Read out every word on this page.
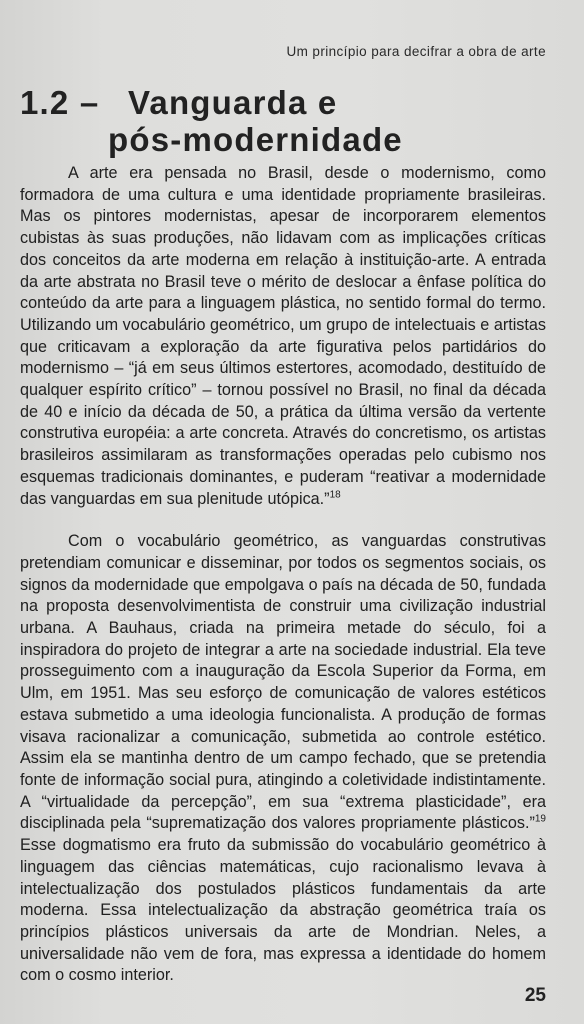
Um princípio para decifrar a obra de arte
1.2 – Vanguarda e
pós-modernidade

A arte era pensada no Brasil, desde o modernismo, como formadora de uma cultura e uma identidade propriamente brasileiras. Mas os pintores modernistas, apesar de incorporarem elementos cubistas às suas produções, não lidavam com as implicações críticas dos conceitos da arte moderna em relação à instituição-arte. A entrada da arte abstrata no Brasil teve o mérito de deslocar a ênfase política do conteúdo da arte para a linguagem plástica, no sentido formal do termo. Utilizando um vocabulário geométrico, um grupo de intelectuais e artistas que criticavam a exploração da arte figurativa pelos partidários do modernismo – “já em seus últimos estertores, acomodado, destituído de qualquer espírito crítico” – tornou possível no Brasil, no final da década de 40 e início da década de 50, a prática da última versão da vertente construtiva européia: a arte concreta. Através do concretismo, os artistas brasileiros assimilaram as transformações operadas pelo cubismo nos esquemas tradicionais dominantes, e puderam “reativar a modernidade das vanguardas em sua plenitude utópica.”$^{18}$

Com o vocabulário geométrico, as vanguardas construtivas pretendiam comunicar e disseminar, por todos os segmentos sociais, os signos da modernidade que empolgava o país na década de 50, fundada na proposta desenvolvimentista de construir uma civilização industrial urbana. A Bauhaus, criada na primeira metade do século, foi a inspiradora do projeto de integrar a arte na sociedade industrial. Ela teve prosseguimento com a inauguração da Escola Superior da Forma, em Ulm, em 1951. Mas seu esforço de comunicação de valores estéticos estava submetido a uma ideologia funcionalista. A produção de formas visava racionalizar a comunicação, submetida ao controle estético. Assim ela se mantinha dentro de um campo fechado, que se pretendia fonte de informação social pura, atingindo a coletividade indistintamente. A “virtualidade da percepção”, em sua “extrema plasticidade”, era disciplinada pela “suprematização dos valores propriamente plásticos.”$^{19}$ Esse dogmatismo era fruto da submissão do vocabulário geométrico à linguagem das ciências matemáticas, cujo racionalismo levava à intelectualização dos postulados plásticos fundamentais da arte moderna. Essa intelectualização da abstração geométrica traía os princípios plásticos universais da arte de Mondrian. Neles, a universalidade não vem de fora, mas expressa a identidade do homem com o cosmo interior.

25
